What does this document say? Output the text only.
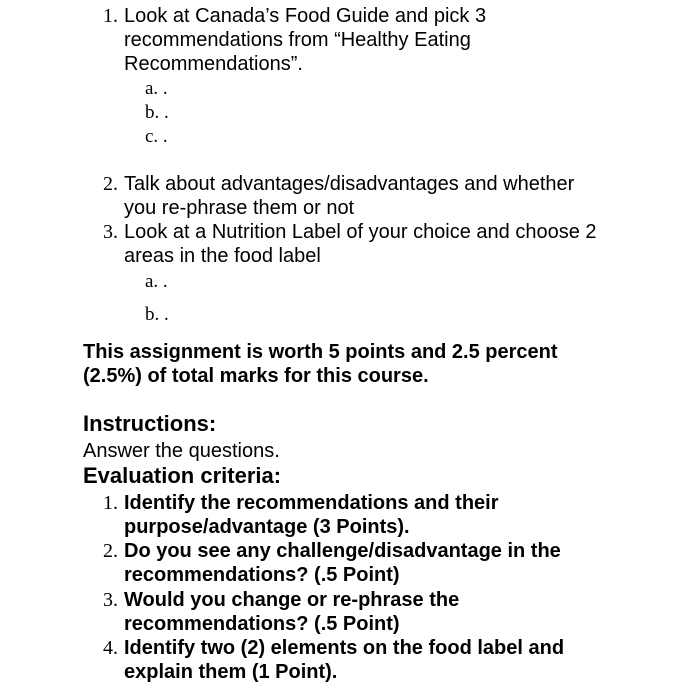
1. Look at Canada’s Food Guide and pick 3
recommendations from “Healthy Eating
Recommendations”.
a. .
b. .
c. .
2. Talk about advantages/disadvantages and whether
you re-phrase them or not
3. Look at a Nutrition Label of your choice and choose 2
areas in the food label
a. .
b. .
This assignment is worth 5 points and 2.5 percent
(2.5%) of total marks for this course.
Instructions:
Answer the questions.
Evaluation criteria:
1. Identify the recommendations and their
purpose/advantage (3 Points).
2. Do you see any challenge/disadvantage in the
recommendations? (.5 Point)
3. Would you change or re-phrase the
recommendations? (.5 Point)
4. Identify two (2) elements on the food label and
explain them (1 Point).
